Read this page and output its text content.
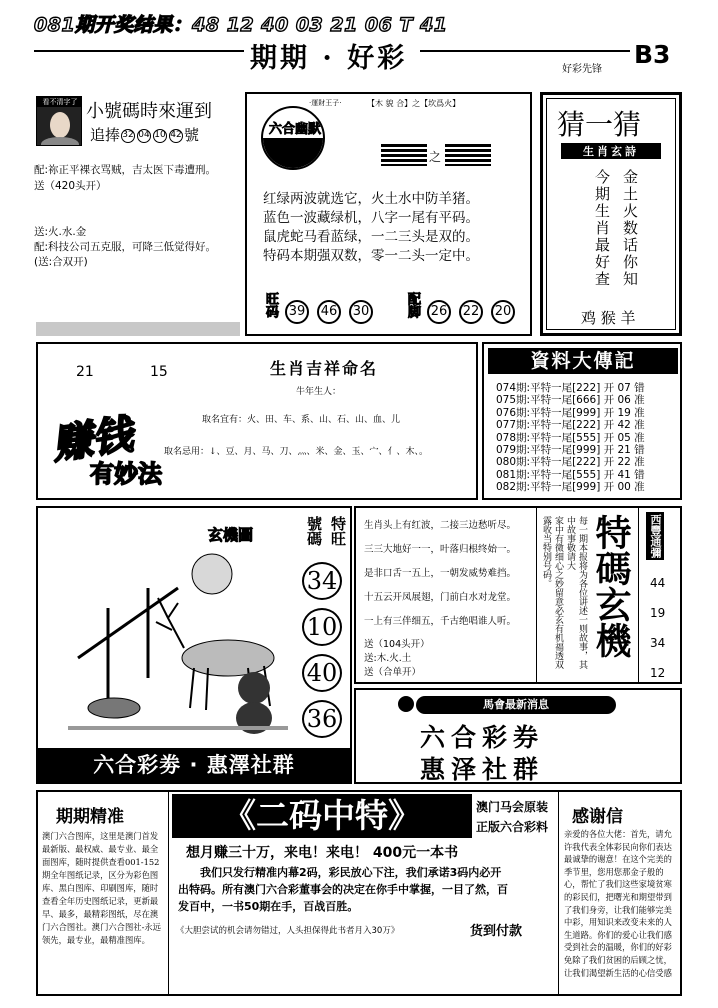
081期开奖结果：48 12 40 03 21 06 T 41
期期 · 好彩	好彩先锋
B3
看不清字了 小號碼時來運到
追捧 32 04 10 42 號
配:祢正平裸衣骂贼，吉太医下毒遭刑。
送（420头开）
送:火.水.金
配:科技公司五克服，可降三低觉得好。
(送:合双开)
六合幽默
·運財王子·	【木 貌 合】之【坎爲火】
之
红绿两波就选它，火土水中防羊猪。
蓝色一波藏绿机，八字一尾有平码。
鼠虎蛇马看蓝绿，一二三头是双的。
特码本期强双数，零一二头一定中。
旺码 39 46 30	配脚 26 22 20
猜一猜
生肖玄詩
今期生肖最好查 金土火数话你知
鸡 猴 羊
21	15	生肖吉祥命名
牛年生人：
取名宜有：火、田、车、系、山、石、山、血、儿
取名忌用：↓、豆、月、马、刀、灬、米、金、玉、宀、亻、木、。
赚钱
有妙法
資料大傳記
074期:平特一尾[222] 开 07 错
075期:平特一尾[666] 开 06 准
076期:平特一尾[999] 开 19 准
077期:平特一尾[222] 开 42 准
078期:平特一尾[555] 开 05 准
079期:平特一尾[999] 开 21 错
080期:平特一尾[222] 开 22 准
081期:平特一尾[555] 开 41 错
082期:平特一尾[999] 开 00 准
玄機圖	特旺
號碼
34
10
40
36
六合彩劵 · 惠澤社群
生肖头上有红波，二接三边愁听尽。
三三大地好一一，叶落归根终始一。
是非口舌一五上，一朝发威势难挡。
十五云开凤展翅，门前白水对龙堂。
一上有三伴细五，千古绝唱谁人听。
送（104头开）
送:木.火.土
送（合单开）
家中有微细心之妙留意必玄有机福透双露收当特别号码。	每一期本报将为各位讲述一则故事，其中故事敬请大 特碼玄機 西豐通彌
44
19
34
12
馬會最新消息
六合彩券
惠泽社群
期期精准
澳门六合图库，这里是澳门首发最新版、最权威、最专业、最全面图库，随时提供查看001-152期全年图纸记录，区分为彩色图库、黑白图库、印刷图库，随时查看全年历史图纸记录，更新最早、最多，最精彩图纸，尽在澳门六合图社。澳门六合图社-永远领先，最专业，最精准图库。
《二码中特》	澳门马会原装
正版六合彩料
想月赚三十万，来电！来电！ 400元一本书
我们只发行精准内幕2码，彩民放心下注，我们承诺3码内必开出特码。所有澳门六合彩董事会的决定在你手中掌握，一目了然，百发百中，一书50期在手，百战百胜。
《大胆尝试的机会请勿错过，人头担保得此书者月入30万》	货到付款
感谢信
亲爱的各位大佬：首先，请允许我代表全体彩民向你们表达最诚挚的谢意！在这个完美的季节里，您用您那金子般的心，帮忙了我们这些家境贫寒的彩民们，把曙光和期望带到了我们身旁，让我们能够完美中彩，用知识来改变未来的人生道路。你们的爱心让我们感受到社会的温暖，你们的好彩免除了我们贫困的后顾之忧，让我们渴望新生活的心信受感
